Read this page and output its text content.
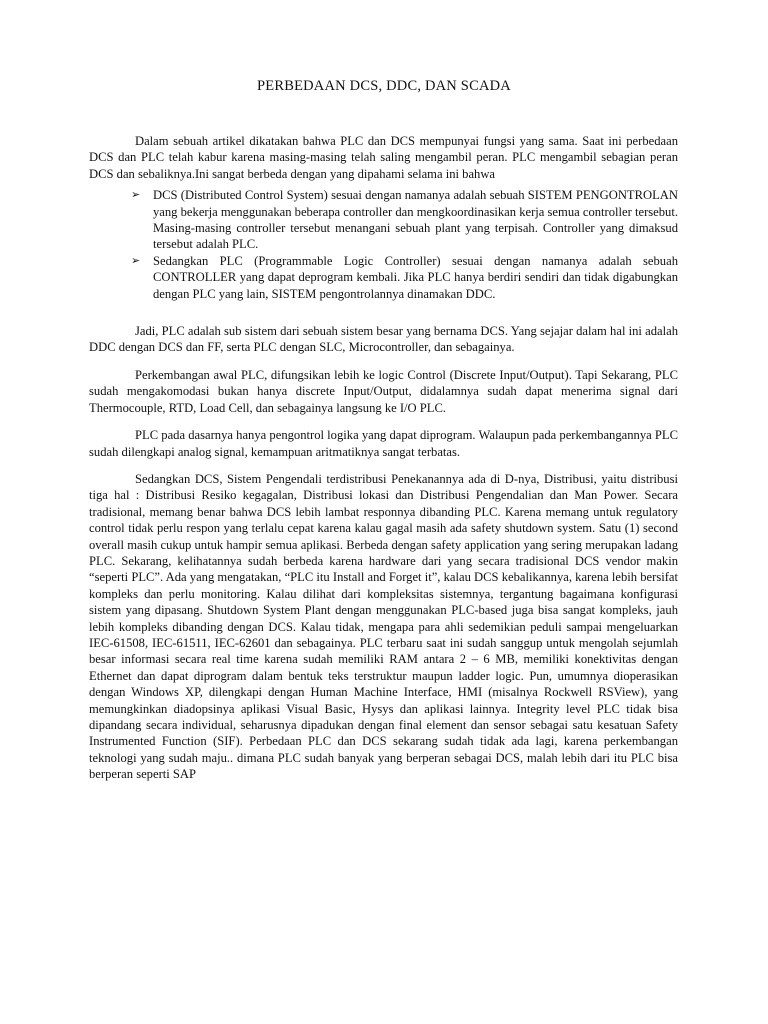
PERBEDAAN DCS, DDC, DAN SCADA

Dalam sebuah artikel dikatakan bahwa PLC dan DCS mempunyai fungsi yang sama. Saat ini perbedaan DCS dan PLC telah kabur karena masing-masing telah saling mengambil peran. PLC mengambil sebagian peran DCS dan sebaliknya.Ini sangat berbeda dengan yang dipahami selama ini bahwa

➢ DCS (Distributed Control System) sesuai dengan namanya adalah sebuah SISTEM PENGONTROLAN yang bekerja menggunakan beberapa controller dan mengkoordinasikan kerja semua controller tersebut. Masing-masing controller tersebut menangani sebuah plant yang terpisah. Controller yang dimaksud tersebut adalah PLC.
➢ Sedangkan PLC (Programmable Logic Controller) sesuai dengan namanya adalah sebuah CONTROLLER yang dapat deprogram kembali. Jika PLC hanya berdiri sendiri dan tidak digabungkan dengan PLC yang lain, SISTEM pengontrolannya dinamakan DDC.

Jadi, PLC adalah sub sistem dari sebuah sistem besar yang bernama DCS. Yang sejajar dalam hal ini adalah DDC dengan DCS dan FF, serta PLC dengan SLC, Microcontroller, dan sebagainya.

Perkembangan awal PLC, difungsikan lebih ke logic Control (Discrete Input/Output). Tapi Sekarang, PLC sudah mengakomodasi bukan hanya discrete Input/Output, didalamnya sudah dapat menerima signal dari Thermocouple, RTD, Load Cell, dan sebagainya langsung ke I/O PLC.

PLC pada dasarnya hanya pengontrol logika yang dapat diprogram. Walaupun pada perkembangannya PLC sudah dilengkapi analog signal, kemampuan aritmatiknya sangat terbatas.

Sedangkan DCS, Sistem Pengendali terdistribusi Penekanannya ada di D-nya, Distribusi, yaitu distribusi tiga hal : Distribusi Resiko kegagalan, Distribusi lokasi dan Distribusi Pengendalian dan Man Power. Secara tradisional, memang benar bahwa DCS lebih lambat responnya dibanding PLC. Karena memang untuk regulatory control tidak perlu respon yang terlalu cepat karena kalau gagal masih ada safety shutdown system. Satu (1) second overall masih cukup untuk hampir semua aplikasi. Berbeda dengan safety application yang sering merupakan ladang PLC. Sekarang, kelihatannya sudah berbeda karena hardware dari yang secara tradisional DCS vendor makin “seperti PLC”. Ada yang mengatakan, “PLC itu Install and Forget it”, kalau DCS kebalikannya, karena lebih bersifat kompleks dan perlu monitoring. Kalau dilihat dari kompleksitas sistemnya, tergantung bagaimana konfigurasi sistem yang dipasang. Shutdown System Plant dengan menggunakan PLC-based juga bisa sangat kompleks, jauh lebih kompleks dibanding dengan DCS. Kalau tidak, mengapa para ahli sedemikian peduli sampai mengeluarkan IEC-61508, IEC-61511, IEC-62601 dan sebagainya. PLC terbaru saat ini sudah sanggup untuk mengolah sejumlah besar informasi secara real time karena sudah memiliki RAM antara 2 – 6 MB, memiliki konektivitas dengan Ethernet dan dapat diprogram dalam bentuk teks terstruktur maupun ladder logic. Pun, umumnya dioperasikan dengan Windows XP, dilengkapi dengan Human Machine Interface, HMI (misalnya Rockwell RSView), yang memungkinkan diadopsinya aplikasi Visual Basic, Hysys dan aplikasi lainnya. Integrity level PLC tidak bisa dipandang secara individual, seharusnya dipadukan dengan final element dan sensor sebagai satu kesatuan Safety Instrumented Function (SIF). Perbedaan PLC dan DCS sekarang sudah tidak ada lagi, karena perkembangan teknologi yang sudah maju.. dimana PLC sudah banyak yang berperan sebagai DCS, malah lebih dari itu PLC bisa berperan seperti SAP
